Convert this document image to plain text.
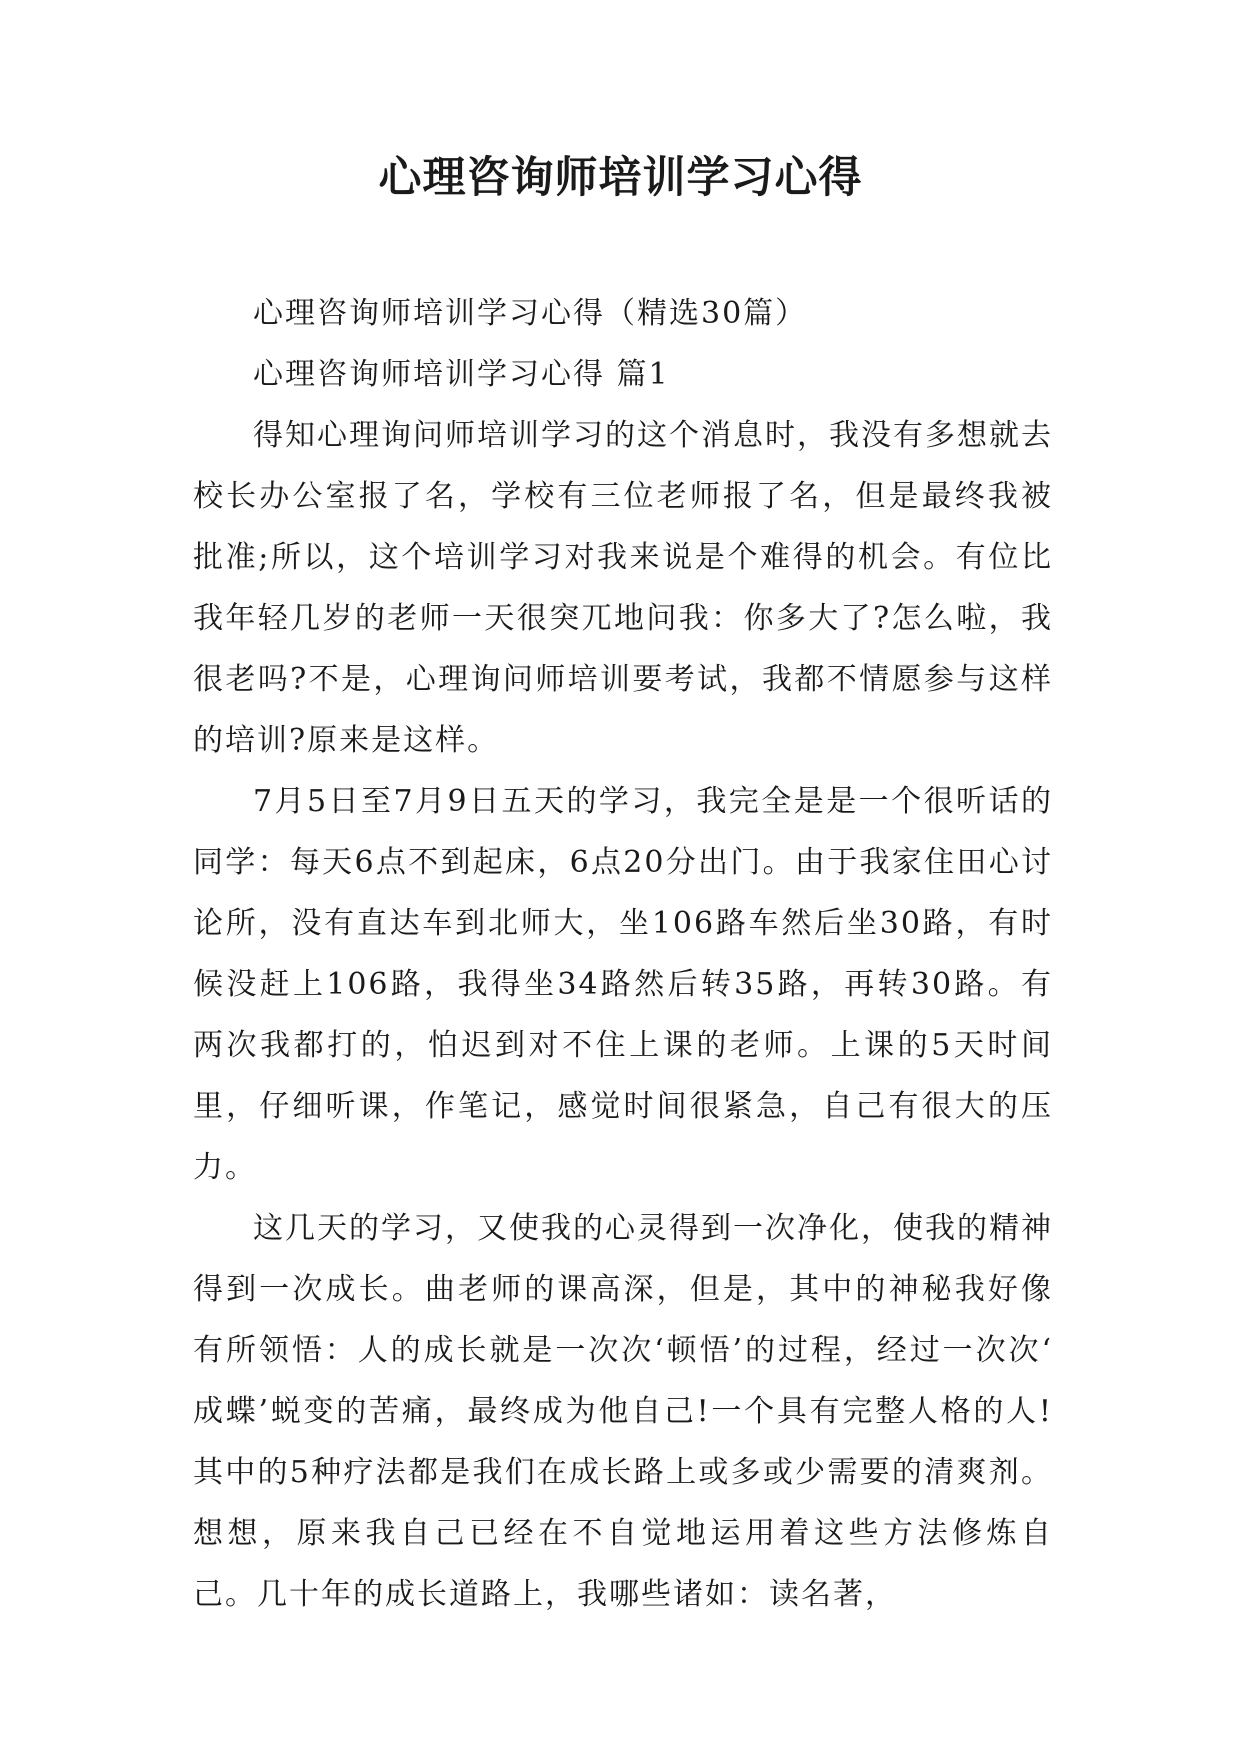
心理咨询师培训学习心得

心理咨询师培训学习心得（精选30篇）

心理咨询师培训学习心得 篇1

得知心理询问师培训学习的这个消息时，我没有多想就去校长办公室报了名，学校有三位老师报了名，但是最终我被批准;所以，这个培训学习对我来说是个难得的机会。有位比我年轻几岁的老师一天很突兀地问我：你多大了?怎么啦，我很老吗?不是，心理询问师培训要考试，我都不情愿参与这样的培训?原来是这样。

7月5日至7月9日五天的学习，我完全是是一个很听话的同学：每天6点不到起床，6点20分出门。由于我家住田心讨论所，没有直达车到北师大，坐106路车然后坐30路，有时候没赶上106路，我得坐34路然后转35路，再转30路。有两次我都打的，怕迟到对不住上课的老师。上课的5天时间里，仔细听课，作笔记，感觉时间很紧急，自己有很大的压力。

这几天的学习，又使我的心灵得到一次净化，使我的精神得到一次成长。曲老师的课高深，但是，其中的神秘我好像有所领悟：人的成长就是一次次‘顿悟’的过程，经过一次次‘ 成蝶’蜕变的苦痛，最终成为他自己!一个具有完整人格的人!其中的5种疗法都是我们在成长路上或多或少需要的清爽剂。想想，原来我自己已经在不自觉地运用着这些方法修炼自己。几十年的成长道路上，我哪些诸如：读名著，
